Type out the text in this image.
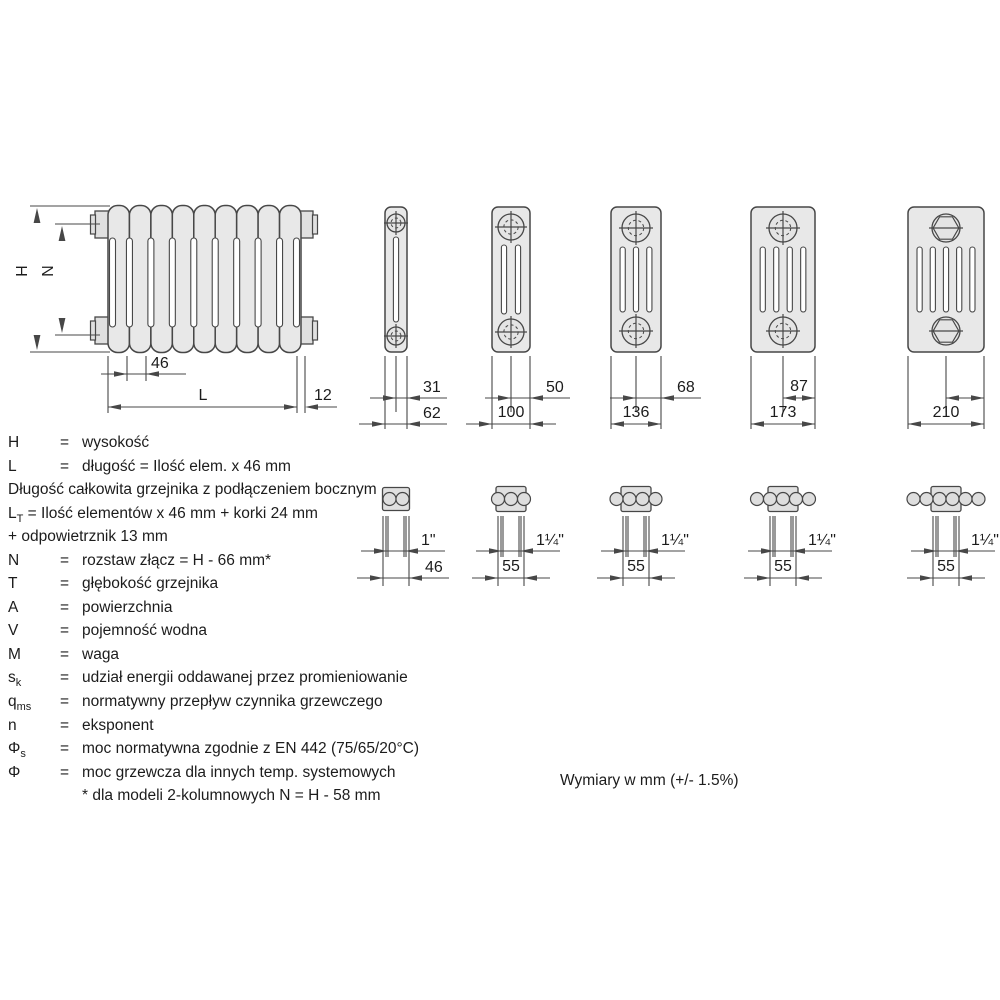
31
62
1"
46
50
100
1¼"
55
68
136
1¼"
55
87
173
1¼"
55
210
1¼"
55
H N
46
L	12
H	= wysokość
L	= długość = Ilość elem. x 46 mm
Długość całkowita grzejnika z podłączeniem bocznym
$L_T$ = Ilość elementów x 46 mm + korki 24 mm
+ odpowietrznik 13 mm
N	= rozstaw złącz = H - 66 mm*
T	= głębokość grzejnika
A	= powierzchnia
V	= pojemność wodna
M	= waga
$s_k$	= udział energii oddawanej przez promieniowanie
$q_{ms}$ = normatywny przepływ czynnika grzewczego
n	= eksponent
$\Phi_s$ = moc normatywna zgodnie z EN 442 (75/65/20°C)
Φ	= moc grzewcza dla innych temp. systemowych
* dla modeli 2-kolumnowych N = H - 58 mm
Wymiary w mm (+/- 1.5%)
